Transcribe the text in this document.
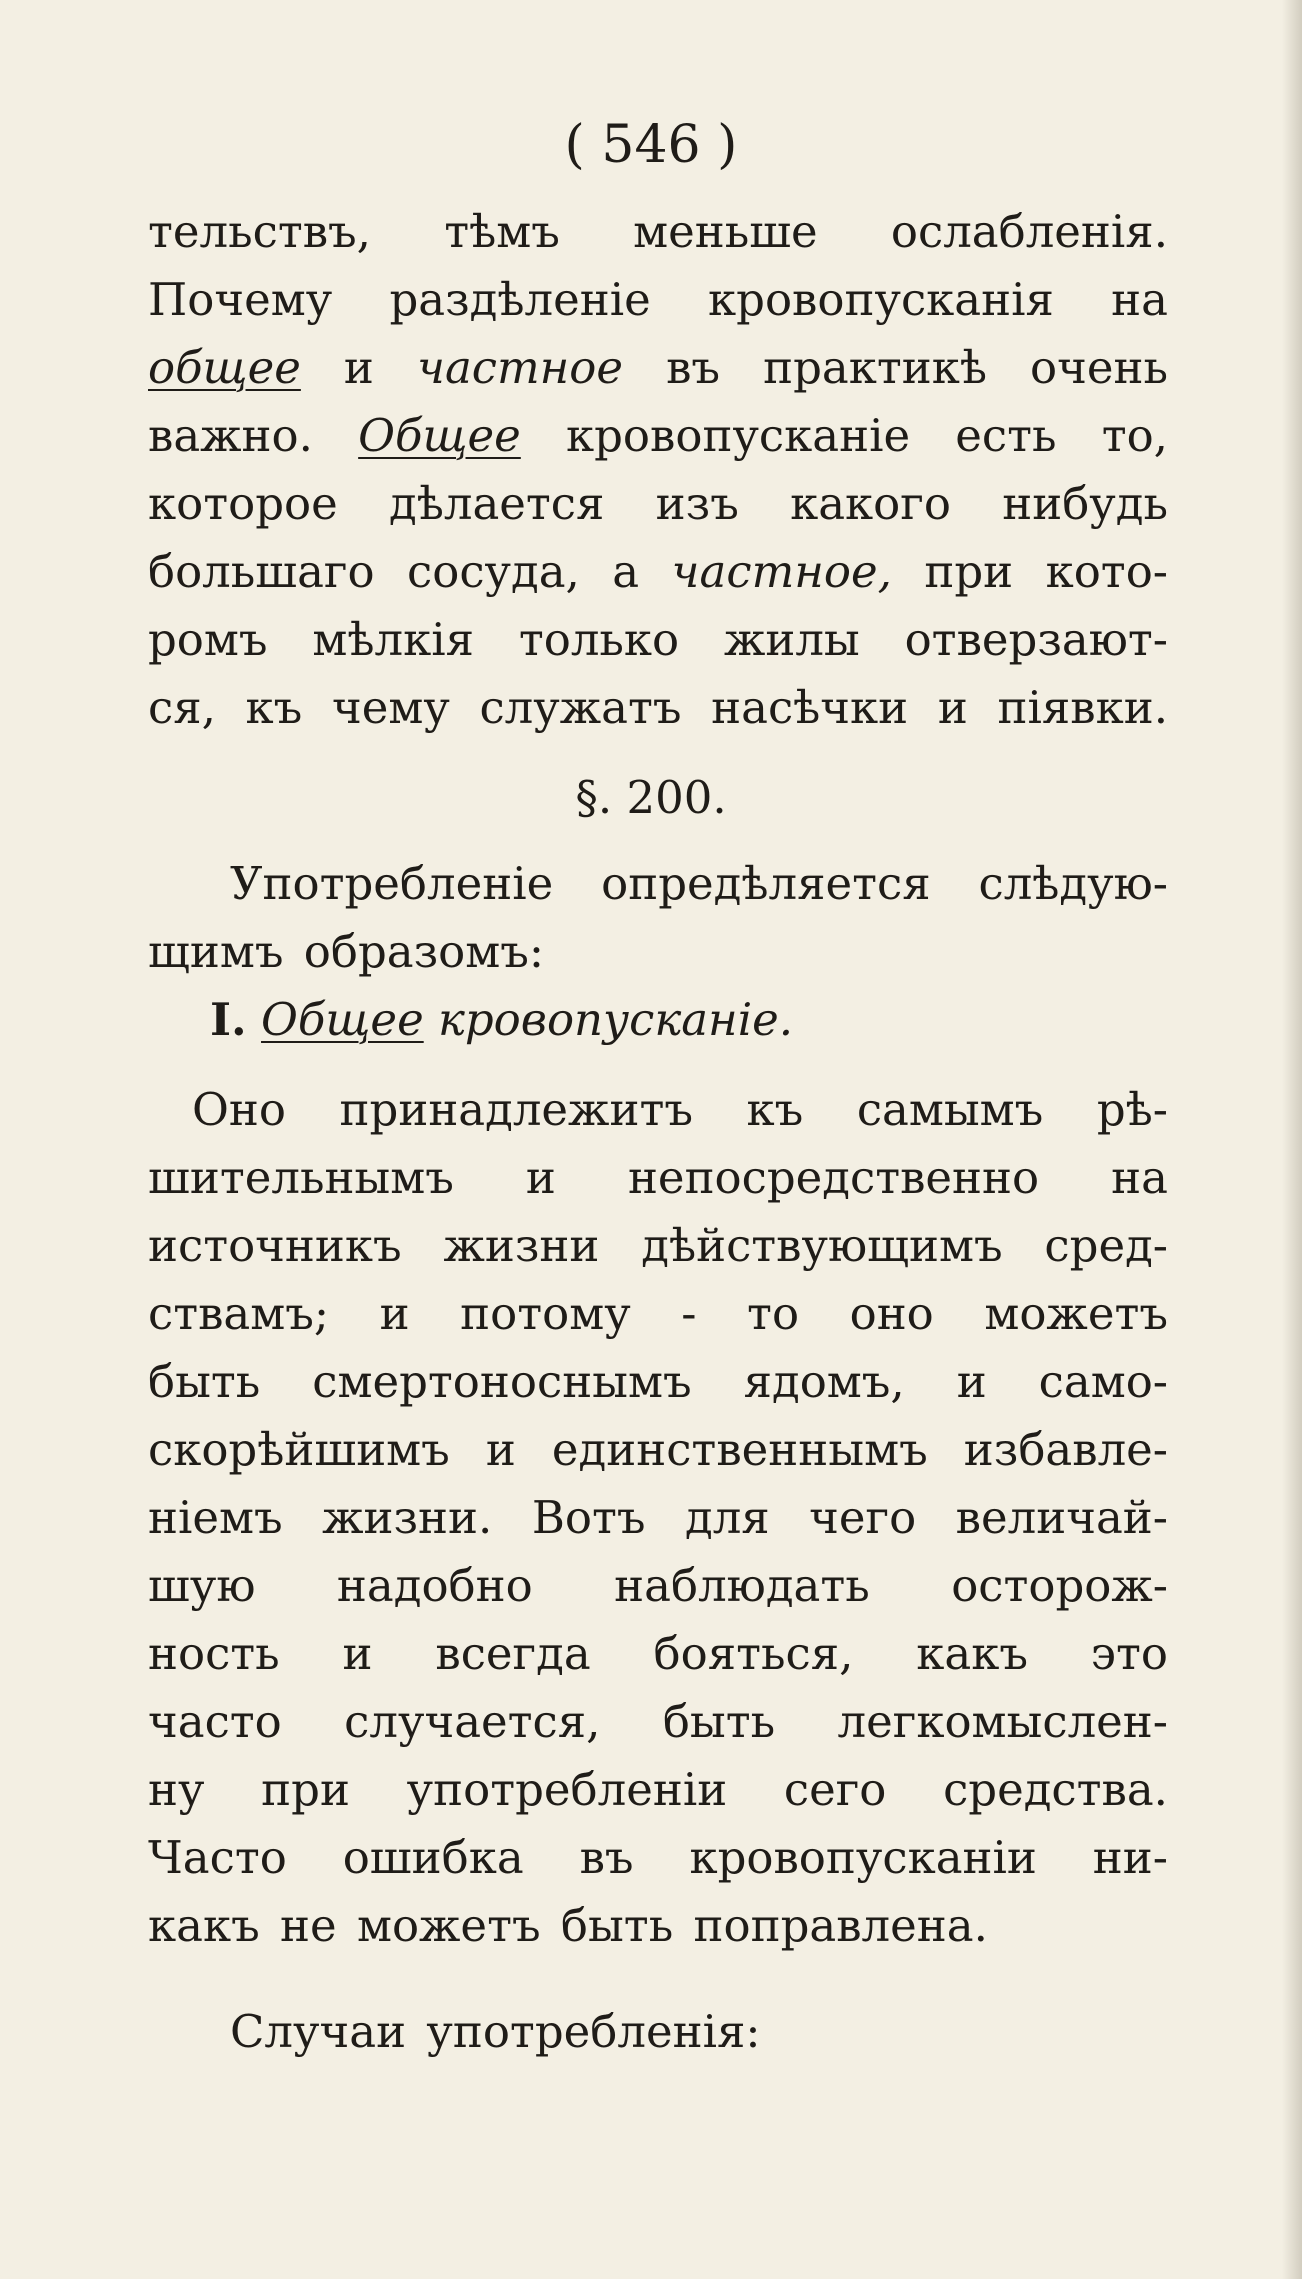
( 546 )
тельствъ, тѣмъ меньше ослабленія.
Почему раздѣленіе кровопусканія на
общее и частное въ практикѣ очень
важно. Общее кровопусканіе есть то,
которое дѣлается изъ какого нибудь
большаго сосуда, а частное, при кото-
ромъ мѣлкія только жилы отверзают-
ся, къ чему служатъ насѣчки и піявки.
§. 200.
Употребленіе опредѣляется слѣдую-
щимъ образомъ:
I. Общее кровопусканіе.
Оно принадлежитъ къ самымъ рѣ-
шительнымъ и непосредственно на
источникъ жизни дѣйствующимъ сред-
ствамъ; и потому - то оно можетъ
быть смертоноснымъ ядомъ, и само-
скорѣйшимъ и единственнымъ избавле-
ніемъ жизни. Вотъ для чего величай-
шую надобно наблюдать осторож-
ность и всегда бояться, какъ это
часто случается, быть легкомыслен-
ну при употребленіи сего средства.
Часто ошибка въ кровопусканіи ни-
какъ не можетъ быть поправлена.
Случаи употребленія:
